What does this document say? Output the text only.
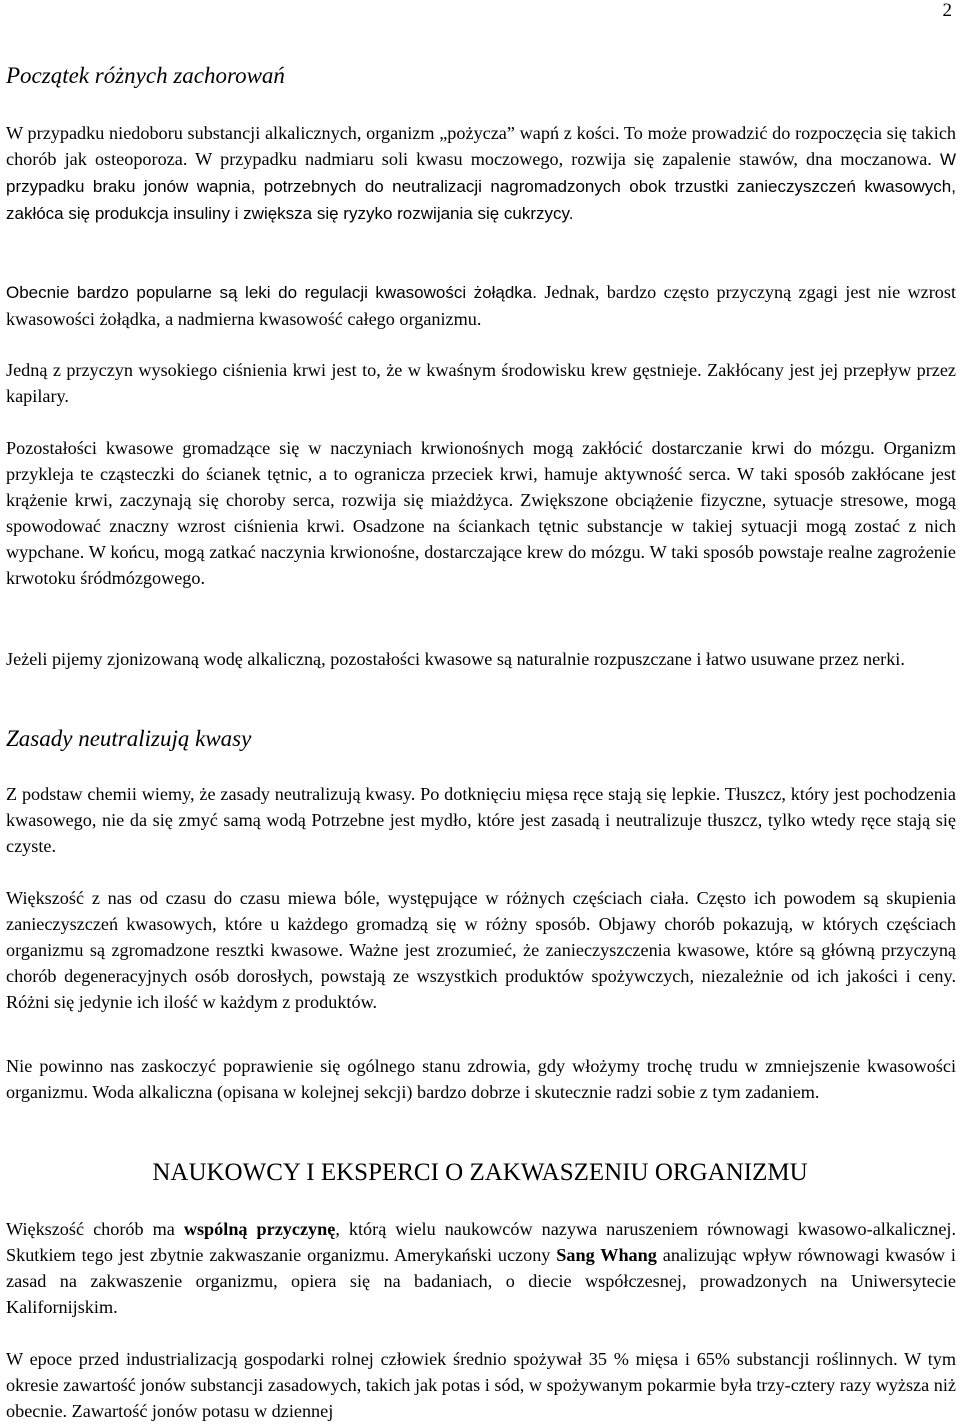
2
Początek różnych zachorowań

W przypadku niedoboru substancji alkalicznych, organizm „pożycza” wapń z kości. To może prowadzić do rozpoczęcia się takich chorób jak osteoporoza. W przypadku nadmiaru soli kwasu moczowego, rozwija się zapalenie stawów, dna moczanowa. W przypadku braku jonów wapnia, potrzebnych do neutralizacji nagromadzonych obok trzustki zanieczyszczeń kwasowych, zakłóca się produkcja insuliny i zwiększa się ryzyko rozwijania się cukrzycy.

Obecnie bardzo popularne są leki do regulacji kwasowości żołądka. Jednak, bardzo często przyczyną zgagi jest nie wzrost kwasowości żołądka, a nadmierna kwasowość całego organizmu.

Jedną z przyczyn wysokiego ciśnienia krwi jest to, że w kwaśnym środowisku krew gęstnieje. Zakłócany jest jej przepływ przez kapilary.

Pozostałości kwasowe gromadzące się w naczyniach krwionośnych mogą zakłócić dostarczanie krwi do mózgu. Organizm przykleja te cząsteczki do ścianek tętnic, a to ogranicza przeciek krwi, hamuje aktywność serca. W taki sposób zakłócane jest krążenie krwi, zaczynają się choroby serca, rozwija się miażdżyca. Zwiększone obciążenie fizyczne, sytuacje stresowe, mogą spowodować znaczny wzrost ciśnienia krwi. Osadzone na ściankach tętnic substancje w takiej sytuacji mogą zostać z nich wypchane. W końcu, mogą zatkać naczynia krwionośne, dostarczające krew do mózgu. W taki sposób powstaje realne zagrożenie krwotoku śródmózgowego.

Jeżeli pijemy zjonizowaną wodę alkaliczną, pozostałości kwasowe są naturalnie rozpuszczane i łatwo usuwane przez nerki.

Zasady neutralizują kwasy

Z podstaw chemii wiemy, że zasady neutralizują kwasy. Po dotknięciu mięsa ręce stają się lepkie. Tłuszcz, który jest pochodzenia kwasowego, nie da się zmyć samą wodą Potrzebne jest mydło, które jest zasadą i neutralizuje tłuszcz, tylko wtedy ręce stają się czyste.

Większość z nas od czasu do czasu miewa bóle, występujące w różnych częściach ciała. Często ich powodem są skupienia zanieczyszczeń kwasowych, które u każdego gromadzą się w różny sposób. Objawy chorób pokazują, w których częściach organizmu są zgromadzone resztki kwasowe. Ważne jest zrozumieć, że zanieczyszczenia kwasowe, które są główną przyczyną chorób degeneracyjnych osób dorosłych, powstają ze wszystkich produktów spożywczych, niezależnie od ich jakości i ceny. Różni się jedynie ich ilość w każdym z produktów.

Nie powinno nas zaskoczyć poprawienie się ogólnego stanu zdrowia, gdy włożymy trochę trudu w zmniejszenie kwasowości organizmu. Woda alkaliczna (opisana w kolejnej sekcji) bardzo dobrze i skutecznie radzi sobie z tym zadaniem.

NAUKOWCY I EKSPERCI O ZAKWASZENIU ORGANIZMU

Większość chorób ma wspólną przyczynę, którą wielu naukowców nazywa naruszeniem równowagi kwasowo-alkalicznej. Skutkiem tego jest zbytnie zakwaszanie organizmu. Amerykański uczony Sang Whang analizując wpływ równowagi kwasów i zasad na zakwaszenie organizmu, opiera się na badaniach, o diecie współczesnej, prowadzonych na Uniwersytecie Kalifornijskim.

W epoce przed industrializacją gospodarki rolnej człowiek średnio spożywał 35 % mięsa i 65% substancji roślinnych. W tym okresie zawartość jonów substancji zasadowych, takich jak potas i sód, w spożywanym pokarmie była trzy-cztery razy wyższa niż obecnie. Zawartość jonów potasu w dziennej
